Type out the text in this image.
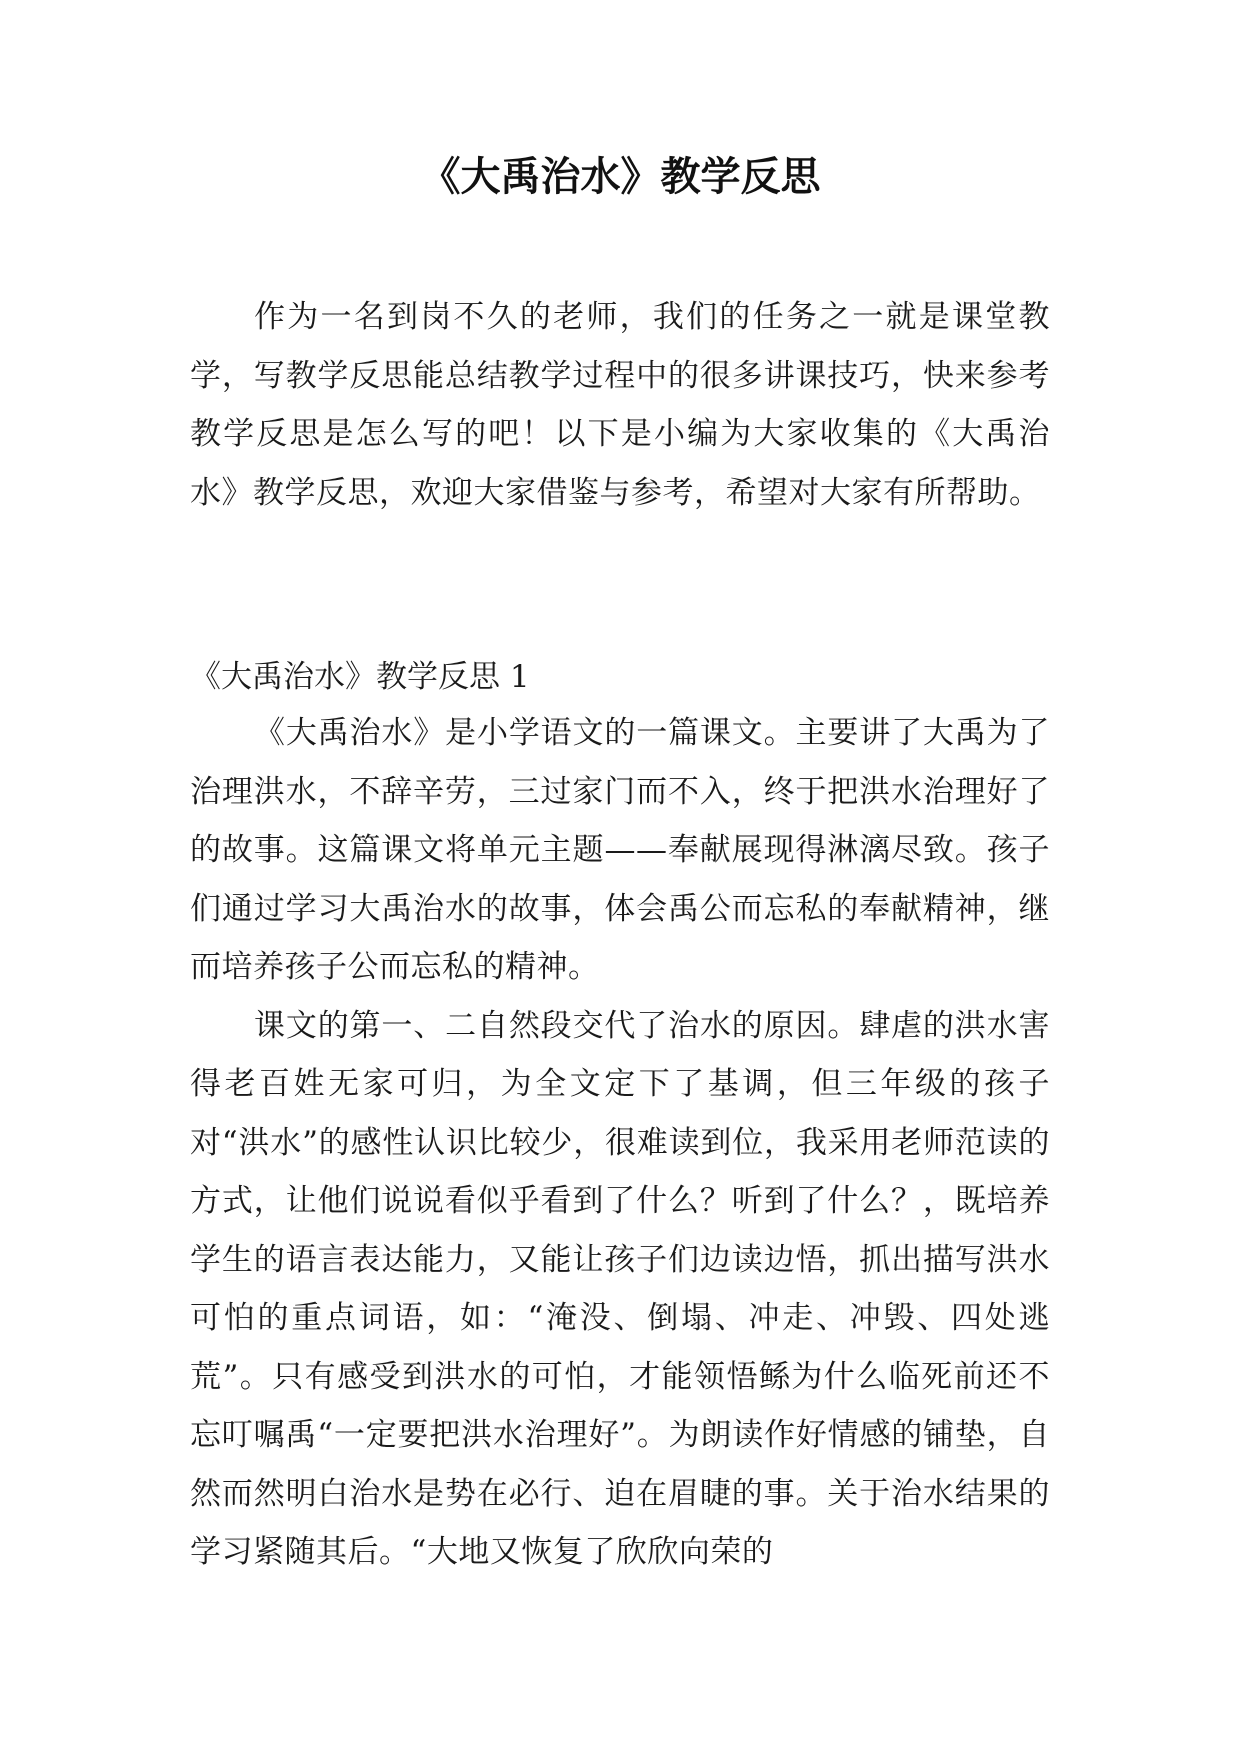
《大禹治水》教学反思

作为一名到岗不久的老师，我们的任务之一就是课堂教学，写教学反思能总结教学过程中的很多讲课技巧，快来参考教学反思是怎么写的吧！以下是小编为大家收集的《大禹治水》教学反思，欢迎大家借鉴与参考，希望对大家有所帮助。

《大禹治水》教学反思 1

《大禹治水》是小学语文的一篇课文。主要讲了大禹为了治理洪水，不辞辛劳，三过家门而不入，终于把洪水治理好了的故事。这篇课文将单元主题——奉献展现得淋漓尽致。孩子们通过学习大禹治水的故事，体会禹公而忘私的奉献精神，继而培养孩子公而忘私的精神。

课文的第一、二自然段交代了治水的原因。肆虐的洪水害得老百姓无家可归，为全文定下了基调，但三年级的孩子对“洪水”的感性认识比较少，很难读到位，我采用老师范读的方式，让他们说说看似乎看到了什么？听到了什么？，既培养学生的语言表达能力，又能让孩子们边读边悟，抓出描写洪水可怕的重点词语，如：“淹没、倒塌、冲走、冲毁、四处逃荒”。只有感受到洪水的可怕，才能领悟鲧为什么临死前还不忘叮嘱禹“一定要把洪水治理好”。为朗读作好情感的铺垫，自然而然明白治水是势在必行、迫在眉睫的事。关于治水结果的学习紧随其后。“大地又恢复了欣欣向荣的
